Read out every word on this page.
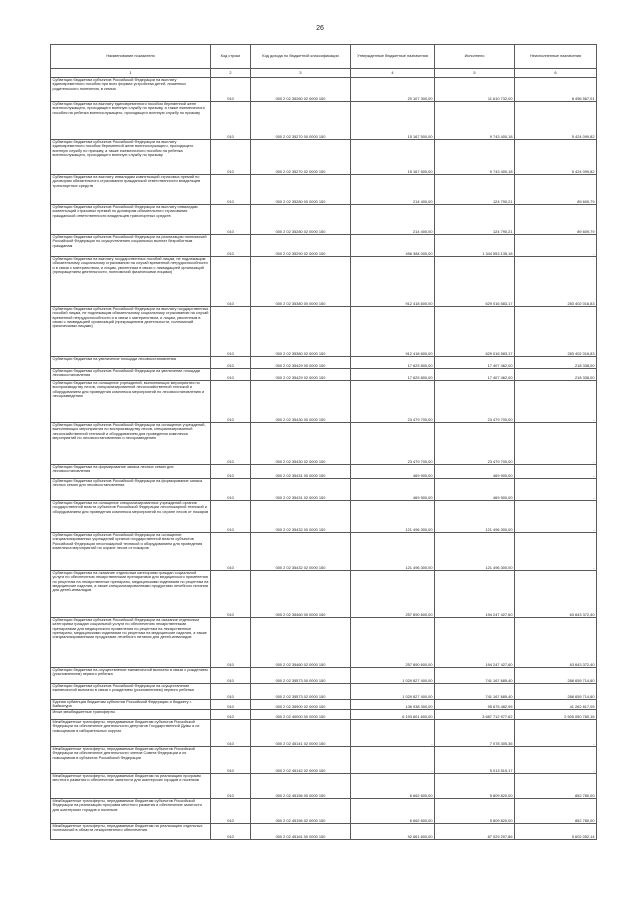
26
Наименование показателя	Код строки	Код дохода по бюджетной классификации	Утвержденные бюджетные назначения	Исполнено	Неисполненные назначения
1	2	3	4	5	6
Субвенции бюджетам субъектов Российской Федерации на выплату единовременного пособия при всех формах устройства детей, лишенных родительского попечения, в семью	010	000 2 02 35260 02 0000 150	20 107 300,00	11 610 732,00	8 496 567,01
Субвенции бюджетам на выплату единовременного пособия беременной жене военнослужащего, проходящего военную службу по призыву, а также ежемесячного пособия на ребенка военнослужащего, проходящего военную службу по призыву	010	000 2 02 35270 00 0000 150	15 167 500,00	9 743 400,18	5 424 099,82
Субвенции бюджетам субъектов Российской Федерации на выплату единовременного пособия беременной жене военнослужащего, проходящего военную службу по призыву, а также ежемесячного пособия на ребенка военнослужащего, проходящего военную службу по призыву	010	000 2 02 35270 02 0000 150	15 167 500,00	9 743 400,18	5 424 099,82
Субвенции бюджетам на выплату инвалидам компенсаций страховых премий по договорам обязательного страхования гражданской ответственности владельцев транспортных средств	010	000 2 02 35280 00 0000 150	214 400,00	124 790,21	89 609,79
Субвенции бюджетам субъектов Российской Федерации на выплату инвалидам компенсаций страховых премий по договорам обязательного страхования гражданской ответственности владельцев транспортных средств	010	000 2 02 35280 02 0000 150	214 400,00	124 790,21	89 609,79
Субвенции бюджетам субъектов Российской Федерации на реализацию полномочий Российской Федерации по осуществлению социальных выплат безработным гражданам	010	000 2 02 35290 02 0000 150	456 384 000,00	1 344 553 135,18	-
Субвенции бюджетам на выплату государственных пособий лицам, не подлежащим обязательному социальному страхованию на случай временной нетрудоспособности и в связи с материнством, и лицам, уволенным в связи с ликвидацией организаций (прекращением деятельности, полномочий физическими лицами)	010	000 2 02 35380 00 0000 150	912 418 600,00	629 016 583,17	283 402 016,83
Субвенции бюджетам субъектов Российской Федерации на выплату государственных пособий лицам, не подлежащим обязательному социальному страхованию на случай временной нетрудоспособности и в связи с материнством, и лицам, уволенным в связи с ликвидацией организаций (прекращением деятельности, полномочий физическими лицами)	010	000 2 02 35380 02 0000 150	912 418 600,00	629 016 583,17	283 402 016,83
Субвенции бюджетам на увеличение площади лесовосстановления	010	000 2 02 35429 00 0000 150	17 625 800,00	17 407 462,00	218 338,00
Субвенции бюджетам субъектов Российской Федерации на увеличение площади лесовосстановления	010	000 2 02 35429 02 0000 150	17 625 800,00	17 407 462,00	218 338,00
Субвенции бюджетам на оснащение учреждений, выполняющих мероприятия по воспроизводству лесов, специализированной лесохозяйственной техникой и оборудованием для проведения комплекса мероприятий по лесовосстановлению и лесоразведению	010	000 2 02 35430 00 0000 150	23 479 700,00	23 479 700,00	-
Субвенции бюджетам субъектов Российской Федерации на оснащение учреждений, выполняющих мероприятия по воспроизводству лесов, специализированной лесохозяйственной техникой и оборудованием для проведения комплекса мероприятий по лесовосстановлению и лесоразведению	010	000 2 02 35430 02 0000 150	23 479 700,00	23 479 700,00	-
Субвенции бюджетам на формирование запаса лесных семян для лесовосстановления	010	000 2 02 35431 00 0000 150	469 900,00	469 900,00	-
Субвенции бюджетам субъектов Российской Федерации на формирование запаса лесных семян для лесовосстановления	010	000 2 02 35431 02 0000 150	469 900,00	469 900,00	-
Субвенции бюджетам на оснащение специализированных учреждений органов государственной власти субъектов Российской Федерации лесопожарной техникой и оборудованием для проведения комплекса мероприятий по охране лесов от пожаров	010	000 2 02 35432 00 0000 150	121 496 300,00	121 496 300,00	-
Субвенции бюджетам субъектов Российской Федерации на оснащение специализированных учреждений органов государственной власти субъектов Российской Федерации лесопожарной техникой и оборудованием для проведения комплекса мероприятий по охране лесов от пожаров	010	000 2 02 35432 02 0000 150	121 496 300,00	121 496 300,00	-
Субвенции бюджетам на оказание отдельным категориям граждан социальной услуги по обеспечению лекарственными препаратами для медицинского применения по рецептам на лекарственные препараты, медицинскими изделиями по рецептам на медицинские изделия, а также специализированными продуктами лечебного питания для детей-инвалидов	010	000 2 02 35460 00 0000 150	257 890 600,00	194 247 427,60	63 643 372,40
Субвенции бюджетам субъектов Российской Федерации на оказание отдельным категориям граждан социальной услуги по обеспечению лекарственными препаратами для медицинского применения по рецептам на лекарственные препараты, медицинскими изделиями по рецептам на медицинские изделия, а также специализированными продуктами лечебного питания для детей-инвалидов	010	000 2 02 35460 02 0000 150	257 890 600,00	194 247 427,60	63 643 372,40
Субвенции бюджетам на осуществление ежемесячной выплаты в связи с рождением (усыновлением) первого ребенка	010	000 2 02 35573 00 0000 150	1 029 827 400,00	741 167 685,40	288 659 714,60
Субвенции бюджетам субъектов Российской Федерации на осуществление ежемесячной выплаты в связи с рождением (усыновлением) первого ребенка	010	000 2 02 35573 02 0000 150	1 029 827 400,00	741 167 685,40	288 659 714,60
Единая субвенция бюджетам субъектов Российской Федерации и бюджету г. Байконура	010	000 2 02 35900 02 0000 150	136 938 300,00	95 675 482,95	41 262 817,05
Иные межбюджетные трансферты	010	000 2 02 40000 00 0000 150	6 193 601 600,00	3 687 712 977,62	2 505 050 780,16
Межбюджетные трансферты, передаваемые бюджетам субъектов Российской Федерации на обеспечение деятельности депутатов Государственной Думы и их помощников в избирательных округах	010	000 2 02 45141 02 0000 150	-	7 078 305,36	-
Межбюджетные трансферты, передаваемые бюджетам субъектов Российской Федерации на обеспечение деятельности членов Совета Федерации и их помощников в субъектах Российской Федерации	010	000 2 02 45142 02 0000 150	-	5 013 519,17	-
Межбюджетные трансферты, передаваемые бюджетам на реализацию программ местного развития и обеспечение занятости для шахтерских городов и поселков	010	000 2 02 45156 00 0000 150	6 662 600,00	5 809 820,00	852 780,00
Межбюджетные трансферты, передаваемые бюджетам субъектов Российской Федерации на реализацию программ местного развития и обеспечение занятости для шахтерских городов и поселков	010	000 2 02 45156 02 0000 150	6 662 600,00	5 809 820,00	852 780,00
Межбюджетные трансферты, передаваемые бюджетам на реализацию отдельных полномочий в области лекарственного обеспечения	010	000 2 02 45161 00 0000 150	92 661 600,00	87 029 207,86	5 602 052,14
